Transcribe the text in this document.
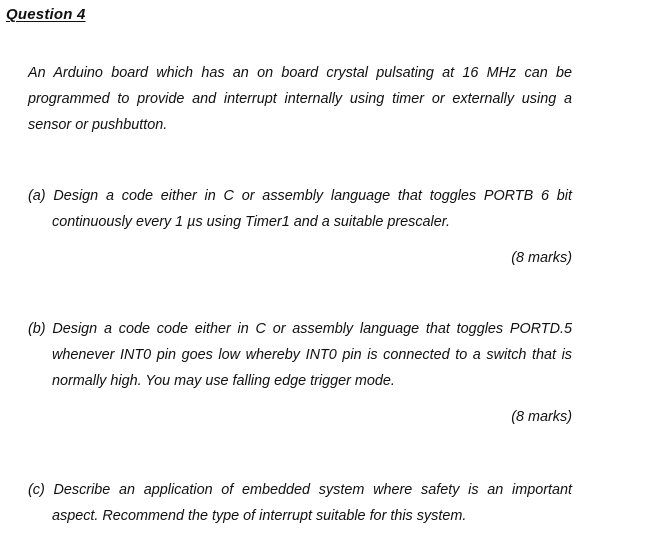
Question 4
An Arduino board which has an on board crystal pulsating at 16 MHz can be
programmed to provide and interrupt internally using timer or externally using a
sensor or pushbutton.
(a) Design a code either in C or assembly language that toggles PORTB 6 bit
continuously every 1 µs using Timer1 and a suitable prescaler.
(8 marks)
(b) Design a code code either in C or assembly language that toggles PORTD.5
whenever INT0 pin goes low whereby INT0 pin is connected to a switch that is
normally high. You may use falling edge trigger mode.
(8 marks)
(c) Describe an application of embedded system where safety is an important
aspect. Recommend the type of interrupt suitable for this system.
